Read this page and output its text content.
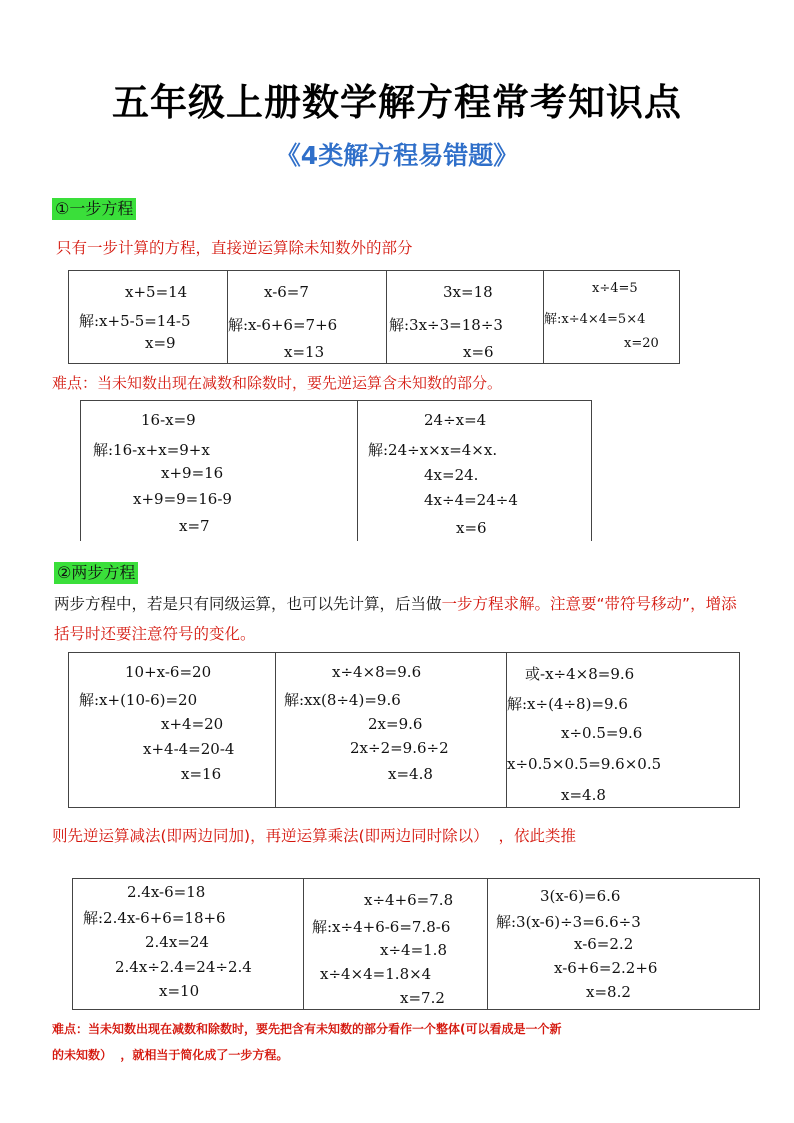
五年级上册数学解方程常考知识点
《4类解方程易错题》
①一步方程
只有一步计算的方程，直接逆运算除未知数外的部分
x+5=14
解:x+5-5=14-5
x=9
x-6=7
解:x-6+6=7+6
x=13
3x=18
解:3x÷3=18÷3
x=6
x÷4=5
解:x÷4×4=5×4
x=20
难点：当未知数出现在减数和除数时，要先逆运算含未知数的部分。
16-x=9
解:16-x+x=9+x
x+9=16
x+9=9=16-9
x=7
24÷x=4
解:24÷x×x=4×x.
4x=24.
4x÷4=24÷4
x=6
②两步方程
两步方程中，若是只有同级运算，也可以先计算，后当做一步方程求解。注意要“带符号移动”，增添括号时还要注意符号的变化。
10+x-6=20
解:x+(10-6)=20
x+4=20
x+4-4=20-4
x=16
x÷4×8=9.6
解:xx(8÷4)=9.6
2x=9.6
2x÷2=9.6÷2
x=4.8
或-x÷4×8=9.6
解:x÷(4÷8)=9.6
x÷0.5=9.6
x÷0.5×0.5=9.6×0.5
x=4.8
则先逆运算减法(即两边同加)，再逆运算乘法(即两边同时除以）  ，依此类推
2.4x-6=18
解:2.4x-6+6=18+6
2.4x=24
2.4x÷2.4=24÷2.4
x=10
x÷4+6=7.8
解:x÷4+6-6=7.8-6
x÷4=1.8
x÷4×4=1.8×4
x=7.2
3(x-6)=6.6
解:3(x-6)÷3=6.6÷3
x-6=2.2
x-6+6=2.2+6
x=8.2
难点：当未知数出现在减数和除数时，要先把含有未知数的部分看作一个整体(可以看成是一个新
的未知数）  ，就相当于简化成了一步方程。
